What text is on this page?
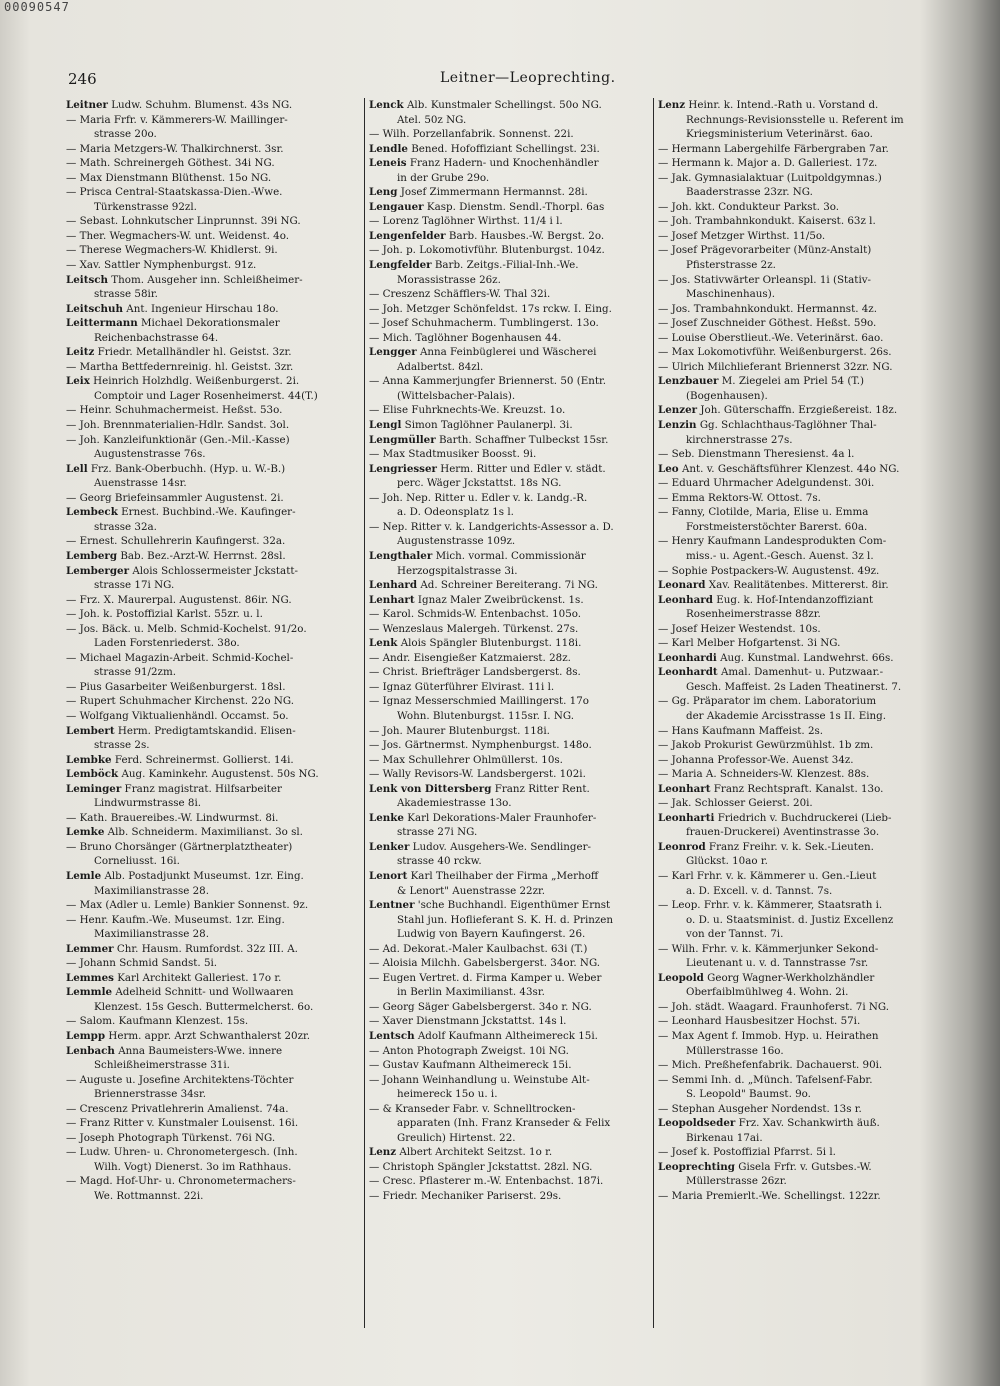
00090547
246	Leitner—Leoprechting.
Leitner Ludw. Schuhm. Blumenst. 43s NG.
— Maria Frfr. v. Kämmerers-W. Maillinger-
strasse 20o.
— Maria Metzgers-W. Thalkirchnerst. 3sr.
— Math. Schreinergeh Göthest. 34i NG.
— Max Dienstmann Blüthenst. 15o NG.
— Prisca Central-Staatskassa-Dien.-Wwe.
Türkenstrasse 92zl.
— Sebast. Lohnkutscher Linprunnst. 39i NG.
— Ther. Wegmachers-W. unt. Weidenst. 4o.
— Therese Wegmachers-W. Khidlerst. 9i.
— Xav. Sattler Nymphenburgst. 91z.
Leitsch Thom. Ausgeher inn. Schleißheimer-
strasse 58ir.
Leitschuh Ant. Ingenieur Hirschau 18o.
Leittermann Michael Dekorationsmaler
Reichenbachstrasse 64.
Leitz Friedr. Metallhändler hl. Geistst. 3zr.
— Martha Bettfedernreinig. hl. Geistst. 3zr.
Leix Heinrich Holzhdlg. Weißenburgerst. 2i.
Comptoir und Lager Rosenheimerst. 44(T.)
— Heinr. Schuhmachermeist. Heßst. 53o.
— Joh. Brennmaterialien-Hdlr. Sandst. 3ol.
— Joh. Kanzleifunktionär (Gen.-Mil.-Kasse)
Augustenstrasse 76s.
Lell Frz. Bank-Oberbuchh. (Hyp. u. W.-B.)
Auenstrasse 14sr.
— Georg Briefeinsammler Augustenst. 2i.
Lembeck Ernest. Buchbind.-We. Kaufinger-
strasse 32a.
— Ernest. Schullehrerin Kaufingerst. 32a.
Lemberg Bab. Bez.-Arzt-W. Herrnst. 28sl.
Lemberger Alois Schlossermeister Jckstatt-
strasse 17i NG.
— Frz. X. Maurerpal. Augustenst. 86ir. NG.
— Joh. k. Postoffizial Karlst. 55zr. u. l.
— Jos. Bäck. u. Melb. Schmid-Kochelst. 91/2o.
Laden Forstenriederst. 38o.
— Michael Magazin-Arbeit. Schmid-Kochel-
strasse 91/2zm.
— Pius Gasarbeiter Weißenburgerst. 18sl.
— Rupert Schuhmacher Kirchenst. 22o NG.
— Wolfgang Viktualienhändl. Occamst. 5o.
Lembert Herm. Predigtamtskandid. Elisen-
strasse 2s.
Lembke Ferd. Schreinermst. Gollierst. 14i.
Lemböck Aug. Kaminkehr. Augustenst. 50s NG.
Leminger Franz magistrat. Hilfsarbeiter
Lindwurmstrasse 8i.
— Kath. Brauereibes.-W. Lindwurmst. 8i.
Lemke Alb. Schneiderm. Maximilianst. 3o sl.
— Bruno Chorsänger (Gärtnerplatztheater)
Corneliusst. 16i.
Lemle Alb. Postadjunkt Museumst. 1zr. Eing.
Maximilianstrasse 28.
— Max (Adler u. Lemle) Bankier Sonnenst. 9z.
— Henr. Kaufm.-We. Museumst. 1zr. Eing.
Maximilianstrasse 28.
Lemmer Chr. Hausm. Rumfordst. 32z III. A.
— Johann Schmid Sandst. 5i.
Lemmes Karl Architekt Galleriest. 17o r.
Lemmle Adelheid Schnitt- und Wollwaaren
Klenzest. 15s Gesch. Buttermelcherst. 6o.
— Salom. Kaufmann Klenzest. 15s.
Lempp Herm. appr. Arzt Schwanthalerst 20zr.
Lenbach Anna Baumeisters-Wwe. innere
Schleißheimerstrasse 31i.
— Auguste u. Josefine Architektens-Töchter
Briennerstrasse 34sr.
— Crescenz Privatlehrerin Amalienst. 74a.
— Franz Ritter v. Kunstmaler Louisenst. 16i.
— Joseph Photograph Türkenst. 76i NG.
— Ludw. Uhren- u. Chronometergesch. (Inh.
Wilh. Vogt) Dienerst. 3o im Rathhaus.
— Magd. Hof-Uhr- u. Chronometermachers-
We. Rottmannst. 22i.
Lenck Alb. Kunstmaler Schellingst. 50o NG.
Atel. 50z NG.
— Wilh. Porzellanfabrik. Sonnenst. 22i.
Lendle Bened. Hofoffiziant Schellingst. 23i.
Leneis Franz Hadern- und Knochenhändler
in der Grube 29o.
Leng Josef Zimmermann Hermannst. 28i.
Lengauer Kasp. Dienstm. Sendl.-Thorpl. 6as
— Lorenz Taglöhner Wirthst. 11/4 i l.
Lengenfelder Barb. Hausbes.-W. Bergst. 2o.
— Joh. p. Lokomotivführ. Blutenburgst. 104z.
Lengfelder Barb. Zeitgs.-Filial-Inh.-We.
Morassistrasse 26z.
— Creszenz Schäfflers-W. Thal 32i.
— Joh. Metzger Schönfeldst. 17s rckw. I. Eing.
— Josef Schuhmacherm. Tumblingerst. 13o.
— Mich. Taglöhner Bogenhausen 44.
Lengger Anna Feinbüglerei und Wäscherei
Adalbertst. 84zl.
— Anna Kammerjungfer Briennerst. 50 (Entr.
(Wittelsbacher-Palais).
— Elise Fuhrknechts-We. Kreuzst. 1o.
Lengl Simon Taglöhner Paulanerpl. 3i.
Lengmüller Barth. Schaffner Tulbeckst 15sr.
— Max Stadtmusiker Boosst. 9i.
Lengriesser Herm. Ritter und Edler v. städt.
perc. Wäger Jckstattst. 18s NG.
— Joh. Nep. Ritter u. Edler v. k. Landg.-R.
a. D. Odeonsplatz 1s l.
— Nep. Ritter v. k. Landgerichts-Assessor a. D.
Augustenstrasse 109z.
Lengthaler Mich. vormal. Commissionär
Herzogspitalstrasse 3i.
Lenhard Ad. Schreiner Bereiterang. 7i NG.
Lenhart Ignaz Maler Zweibrückenst. 1s.
— Karol. Schmids-W. Entenbachst. 105o.
— Wenzeslaus Malergeh. Türkenst. 27s.
Lenk Alois Spängler Blutenburgst. 118i.
— Andr. Eisengießer Katzmaierst. 28z.
— Christ. Briefträger Landsbergerst. 8s.
— Ignaz Güterführer Elvirast. 11i l.
— Ignaz Messerschmied Maillingerst. 17o
Wohn. Blutenburgst. 115sr. I. NG.
— Joh. Maurer Blutenburgst. 118i.
— Jos. Gärtnermst. Nymphenburgst. 148o.
— Max Schullehrer Ohlmüllerst. 10s.
— Wally Revisors-W. Landsbergerst. 102i.
Lenk von Dittersberg Franz Ritter Rent.
Akademiestrasse 13o.
Lenke Karl Dekorations-Maler Fraunhofer-
strasse 27i NG.
Lenker Ludov. Ausgehers-We. Sendlinger-
strasse 40 rckw.
Lenort Karl Theilhaber der Firma „Merhoff
& Lenort" Auenstrasse 22zr.
Lentner 'sche Buchhandl. Eigenthümer Ernst
Stahl jun. Hoflieferant S. K. H. d. Prinzen
Ludwig von Bayern Kaufingerst. 26.
— Ad. Dekorat.-Maler Kaulbachst. 63i (T.)
— Aloisia Milchh. Gabelsbergerst. 34or. NG.
— Eugen Vertret. d. Firma Kamper u. Weber
in Berlin Maximilianst. 43sr.
— Georg Säger Gabelsbergerst. 34o r. NG.
— Xaver Dienstmann Jckstattst. 14s l.
Lentsch Adolf Kaufmann Altheimereck 15i.
— Anton Photograph Zweigst. 10i NG.
— Gustav Kaufmann Altheimereck 15i.
— Johann Weinhandlung u. Weinstube Alt-
heimereck 15o u. i.
— & Kranseder Fabr. v. Schnelltrocken-
apparaten (Inh. Franz Kranseder & Felix
Greulich) Hirtenst. 22.
Lenz Albert Architekt Seitzst. 1o r.
— Christoph Spängler Jckstattst. 28zl. NG.
— Cresc. Pflasterer m.-W. Entenbachst. 187i.
— Friedr. Mechaniker Pariserst. 29s.
Lenz Heinr. k. Intend.-Rath u. Vorstand d.
Rechnungs-Revisionsstelle u. Referent im
Kriegsministerium Veterinärst. 6ao.
— Hermann Labergehilfe Färbergraben 7ar.
— Hermann k. Major a. D. Galleriest. 17z.
— Jak. Gymnasialaktuar (Luitpoldgymnas.)
Baaderstrasse 23zr. NG.
— Joh. kkt. Condukteur Parkst. 3o.
— Joh. Trambahnkondukt. Kaiserst. 63z l.
— Josef Metzger Wirthst. 11/5o.
— Josef Prägevorarbeiter (Münz-Anstalt)
Pfisterstrasse 2z.
— Jos. Stativwärter Orleanspl. 1i (Stativ-
Maschinenhaus).
— Jos. Trambahnkondukt. Hermannst. 4z.
— Josef Zuschneider Göthest. Heßst. 59o.
— Louise Oberstlieut.-We. Veterinärst. 6ao.
— Max Lokomotivführ. Weißenburgerst. 26s.
— Ulrich Milchlieferant Briennerst 32zr. NG.
Lenzbauer M. Ziegelei am Priel 54 (T.)
(Bogenhausen).
Lenzer Joh. Güterschaffn. Erzgießereist. 18z.
Lenzin Gg. Schlachthaus-Taglöhner Thal-
kirchnerstrasse 27s.
— Seb. Dienstmann Theresienst. 4a l.
Leo Ant. v. Geschäftsführer Klenzest. 44o NG.
— Eduard Uhrmacher Adelgundenst. 30i.
— Emma Rektors-W. Ottost. 7s.
— Fanny, Clotilde, Maria, Elise u. Emma
Forstmeisterstöchter Barerst. 60a.
— Henry Kaufmann Landesprodukten Com-
miss.- u. Agent.-Gesch. Auenst. 3z l.
— Sophie Postpackers-W. Augustenst. 49z.
Leonard Xav. Realitätenbes. Mittererst. 8ir.
Leonhard Eug. k. Hof-Intendanzoffiziant
Rosenheimerstrasse 88zr.
— Josef Heizer Westendst. 10s.
— Karl Melber Hofgartenst. 3i NG.
Leonhardi Aug. Kunstmal. Landwehrst. 66s.
Leonhardt Amal. Damenhut- u. Putzwaar.-
Gesch. Maffeist. 2s Laden Theatinerst. 7.
— Gg. Präparator im chem. Laboratorium
der Akademie Arcisstrasse 1s II. Eing.
— Hans Kaufmann Maffeist. 2s.
— Jakob Prokurist Gewürzmühlst. 1b zm.
— Johanna Professor-We. Auenst 34z.
— Maria A. Schneiders-W. Klenzest. 88s.
Leonhart Franz Rechtspraft. Kanalst. 13o.
— Jak. Schlosser Geierst. 20i.
Leonharti Friedrich v. Buchdruckerei (Lieb-
frauen-Druckerei) Aventinstrasse 3o.
Leonrod Franz Freihr. v. k. Sek.-Lieuten.
Glückst. 10ao r.
— Karl Frhr. v. k. Kämmerer u. Gen.-Lieut
a. D. Excell. v. d. Tannst. 7s.
— Leop. Frhr. v. k. Kämmerer, Staatsrath i.
o. D. u. Staatsminist. d. Justiz Excellenz
von der Tannst. 7i.
— Wilh. Frhr. v. k. Kämmerjunker Sekond-
Lieutenant u. v. d. Tannstrasse 7sr.
Leopold Georg Wagner-Werkholzhändler
Oberfaiblmühlweg 4. Wohn. 2i.
— Joh. städt. Waagard. Fraunhoferst. 7i NG.
— Leonhard Hausbesitzer Hochst. 57i.
— Max Agent f. Immob. Hyp. u. Heirathen
Müllerstrasse 16o.
— Mich. Preßhefenfabrik. Dachauerst. 90i.
— Semmi Inh. d. „Münch. Tafelsenf-Fabr.
S. Leopold" Baumst. 9o.
— Stephan Ausgeher Nordendst. 13s r.
Leopoldseder Frz. Xav. Schankwirth äuß.
Birkenau 17ai.
— Josef k. Postoffizial Pfarrst. 5i l.
Leoprechting Gisela Frfr. v. Gutsbes.-W.
Müllerstrasse 26zr.
— Maria Premierlt.-We. Schellingst. 122zr.
